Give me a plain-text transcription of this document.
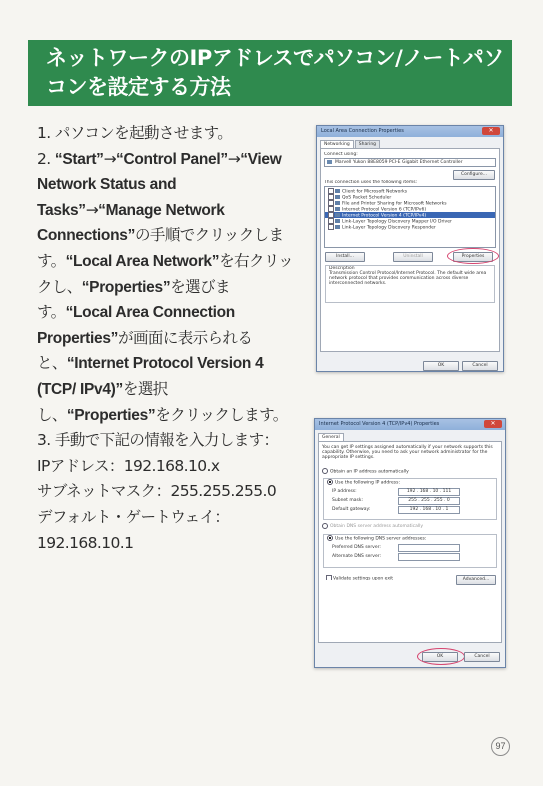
ネットワークのIPアドレスでパソコン/ノートパソ
コンを設定する方法

1. パソコンを起動させます。

2. “Start”→“Control Panel”→“View Network Status and Tasks”→“Manage Network Connections”の手順でクリックします。“Local Area Network”を右クリックし、“Properties”を選びます。“Local Area Connection Properties”が画面に表示られると、“Internet Protocol Version 4 (TCP/ IPv4)”を選択し、“Properties”をクリックします。

3. 手動で下記の情報を入力します：

IPアドレス：192.168.10.x

サブネットマスク：255.255.255.0

デフォルト・ゲートウェイ：

192.168.10.1

Local Area Connection Properties	✕
Networking	Sharing
Connect using:
Marvell Yukon 88E8059 PCI-E Gigabit Ethernet Controller
Configure...
This connection uses the following items:
Client for Microsoft Networks
QoS Packet Scheduler
File and Printer Sharing for Microsoft Networks
Internet Protocol Version 6 (TCP/IPv6)
Internet Protocol Version 4 (TCP/IPv4)
Link-Layer Topology Discovery Mapper I/O Driver
Link-Layer Topology Discovery Responder
Install...	Uninstall	Properties
Description
Transmission Control Protocol/Internet Protocol. The default wide area network protocol that provides communication across diverse interconnected networks.
OK	Cancel
Internet Protocol Version 4 (TCP/IPv4) Properties	✕
General
You can get IP settings assigned automatically if your network supports this capability. Otherwise, you need to ask your network administrator for the appropriate IP settings.
Obtain an IP address automatically
Use the following IP address:
IP address:	192 . 168 . 10 . 111
Subnet mask:	255 . 255 . 255 . 0
Default gateway:	192 . 168 . 10 . 1
Obtain DNS server address automatically
Use the following DNS server addresses:
Preferred DNS server:
Alternate DNS server:
Validate settings upon exit	Advanced...
OK	Cancel
97
